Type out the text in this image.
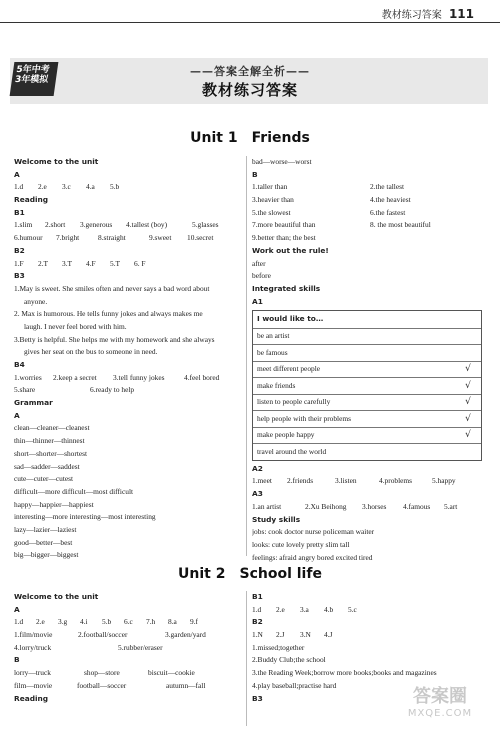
教材练习答案 111
5年中考
3年模拟
——答案全解全析——
教材练习答案
Unit 1 Friends
Welcome to the unit
A
1.d	2.e	3.c	4.a	5.b
Reading
B1
1.slim	2.short	3.generous	4.tallest (boy)	5.glasses
6.humour	7.bright	8.straight	9.sweet	10.secret
B2
1.F	2.T	3.T	4.F	5.T	6. F
B3
1.May is sweet. She smiles often and never says a bad word about
anyone.
2. Max is humorous. He tells funny jokes and always makes me
laugh. I never feel bored with him.
3.Betty is helpful. She helps me with my homework and she always
gives her seat on the bus to someone in need.
B4
1.worries	2.keep a secret	3.tell funny jokes	4.feel bored
5.share	6.ready to help
Grammar
A
clean—cleaner—cleanest
thin—thinner—thinnest
short—shorter—shortest
sad—sadder—saddest
cute—cuter—cutest
difficult—more difficult—most difficult
happy—happier—happiest
interesting—more interesting—most interesting
lazy—lazier—laziest
good—better—best
big—bigger—biggest
bad—worse—worst
B
1.taller than	2.the tallest
3.heavier than	4.the heaviest
5.the slowest	6.the fastest
7.more beautiful than	8. the most beautiful
9.better than; the best
Work out the rule!
after
before
Integrated skills
A1
I would like to…
be an artist
be famous
meet different people	√
make friends	√
listen to people carefully	√
help people with their problems	√
make people happy	√
travel around the world
A2
1.meet	2.friends	3.listen	4.problems	5.happy
A3
1.an artist	2.Xu Beihong	3.horses	4.famous	5.art
Study skills
jobs: cook doctor nurse policeman waiter
looks: cute lovely pretty slim tall
feelings: afraid angry bored excited tired
Unit 2 School life
Welcome to the unit
A
1.d	2.e	3.g	4.i	5.b	6.c	7.h	8.a	9.f
1.film/movie	2.football/soccer	3.garden/yard
4.lorry/truck	5.rubber/eraser
B
lorry—truck	shop—store	biscuit—cookie
film—movie	football—soccer	autumn—fall
Reading
B1
1.d	2.e	3.a	4.b	5.c
B2
1.N	2.J	3.N	4.J
1.missed;together
2.Buddy Club;the school
3.the Reading Week;borrow more books;books and magazines
4.play baseball;practise hard
B3	答案圈
MXQE.COM
